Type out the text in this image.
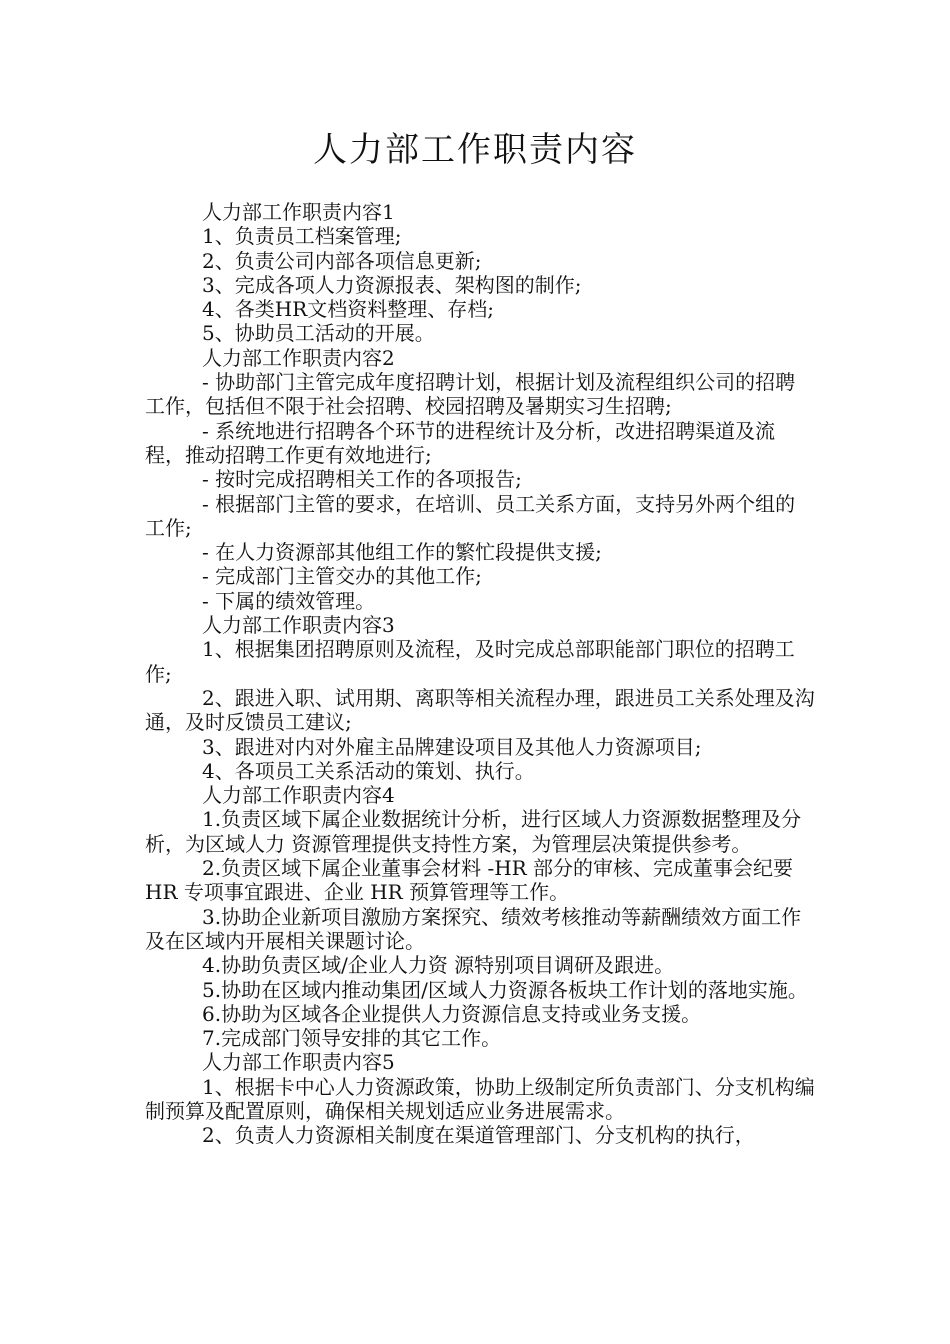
人力部工作职责内容

人力部工作职责内容1

1、负责员工档案管理;

2、负责公司内部各项信息更新;

3、完成各项人力资源报表、架构图的制作;

4、各类HR文档资料整理、存档;

5、协助员工活动的开展。

人力部工作职责内容2

- 协助部门主管完成年度招聘计划，根据计划及流程组织公司的招聘工作，包括但不限于社会招聘、校园招聘及暑期实习生招聘;

- 系统地进行招聘各个环节的进程统计及分析，改进招聘渠道及流程，推动招聘工作更有效地进行;

- 按时完成招聘相关工作的各项报告;

- 根据部门主管的要求，在培训、员工关系方面，支持另外两个组的工作;

- 在人力资源部其他组工作的繁忙段提供支援;

- 完成部门主管交办的其他工作;

- 下属的绩效管理。

人力部工作职责内容3

1、根据集团招聘原则及流程，及时完成总部职能部门职位的招聘工作;

2、跟进入职、试用期、离职等相关流程办理，跟进员工关系处理及沟通，及时反馈员工建议;

3、跟进对内对外雇主品牌建设项目及其他人力资源项目;

4、各项员工关系活动的策划、执行。

人力部工作职责内容4

1.负责区域下属企业数据统计分析，进行区域人力资源数据整理及分析，为区域人力 资源管理提供支持性方案，为管理层决策提供参考。

2.负责区域下属企业董事会材料 -HR 部分的审核、完成董事会纪要 HR 专项事宜跟进、企业 HR 预算管理等工作。

3.协助企业新项目激励方案探究、绩效考核推动等薪酬绩效方面工作及在区域内开展相关课题讨论。

4.协助负责区域/企业人力资 源特别项目调研及跟进。

5.协助在区域内推动集团/区域人力资源各板块工作计划的落地实施。

6.协助为区域各企业提供人力资源信息支持或业务支援。

7.完成部门领导安排的其它工作。

人力部工作职责内容5

1、根据卡中心人力资源政策，协助上级制定所负责部门、分支机构编制预算及配置原则，确保相关规划适应业务进展需求。

2、负责人力资源相关制度在渠道管理部门、分支机构的执行，
